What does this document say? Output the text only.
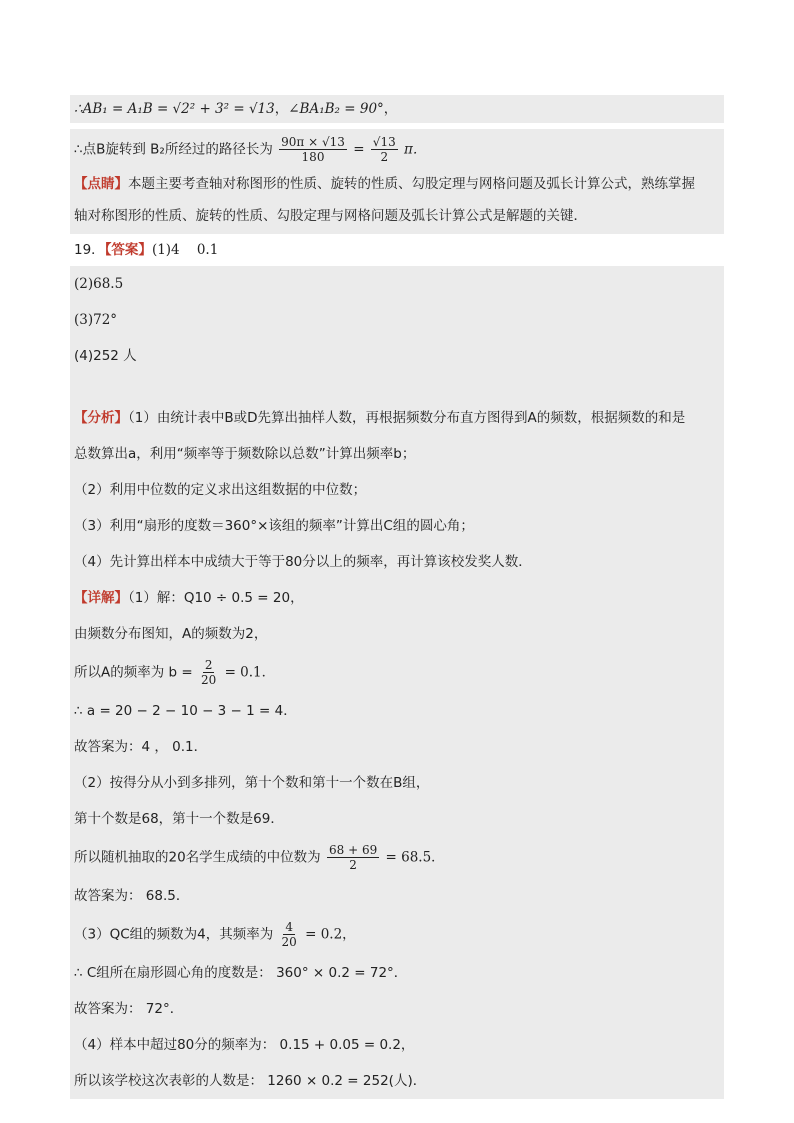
∴AB₁ = A₁B = √2² + 3² = √13，∠BA₁B₂ = 90°，

∴点B旋转到 B₂所经过的路径长为 $\frac{90\pi \times √13}{180} = \frac{√13}{2}$ π．

【点睛】本题主要考查轴对称图形的性质、旋转的性质、勾股定理与网格问题及弧长计算公式，熟练掌握

轴对称图形的性质、旋转的性质、勾股定理与网格问题及弧长计算公式是解题的关键．

19．【答案】(1)4    0.1

(2)68.5

(3)72°

(4)252 人

【分析】（1）由统计表中B或D先算出抽样人数，再根据频数分布直方图得到A的频数，根据频数的和是

总数算出a，利用“频率等于频数除以总数”计算出频率b；

（2）利用中位数的定义求出这组数据的中位数；

（3）利用“扇形的度数＝360°×该组的频率”计算出C组的圆心角；

（4）先计算出样本中成绩大于等于80分以上的频率，再计算该校发奖人数．

【详解】（1）解：Q10 ÷ 0.5 = 20，

由频数分布图知，A的频数为2，

所以A的频率为 $b = \frac{2}{20} = 0.1$．

∴ a = 20 − 2 − 10 − 3 − 1 = 4．

故答案为：4 ， 0.1．

（2）按得分从小到多排列，第十个数和第十一个数在B组，

第十个数是68，第十一个数是69．

所以随机抽取的20名学生成绩的中位数为 $\frac{68 + 69}{2} = 68.5$．

故答案为： 68.5．

（3）QC组的频数为4，其频率为 $\frac{4}{20} = 0.2$，

∴ C组所在扇形圆心角的度数是： 360° × 0.2 = 72°．

故答案为： 72°．

（4）样本中超过80分的频率为： 0.15 + 0.05 = 0.2，

所以该学校这次表彰的人数是： 1260 × 0.2 = 252(人)．
